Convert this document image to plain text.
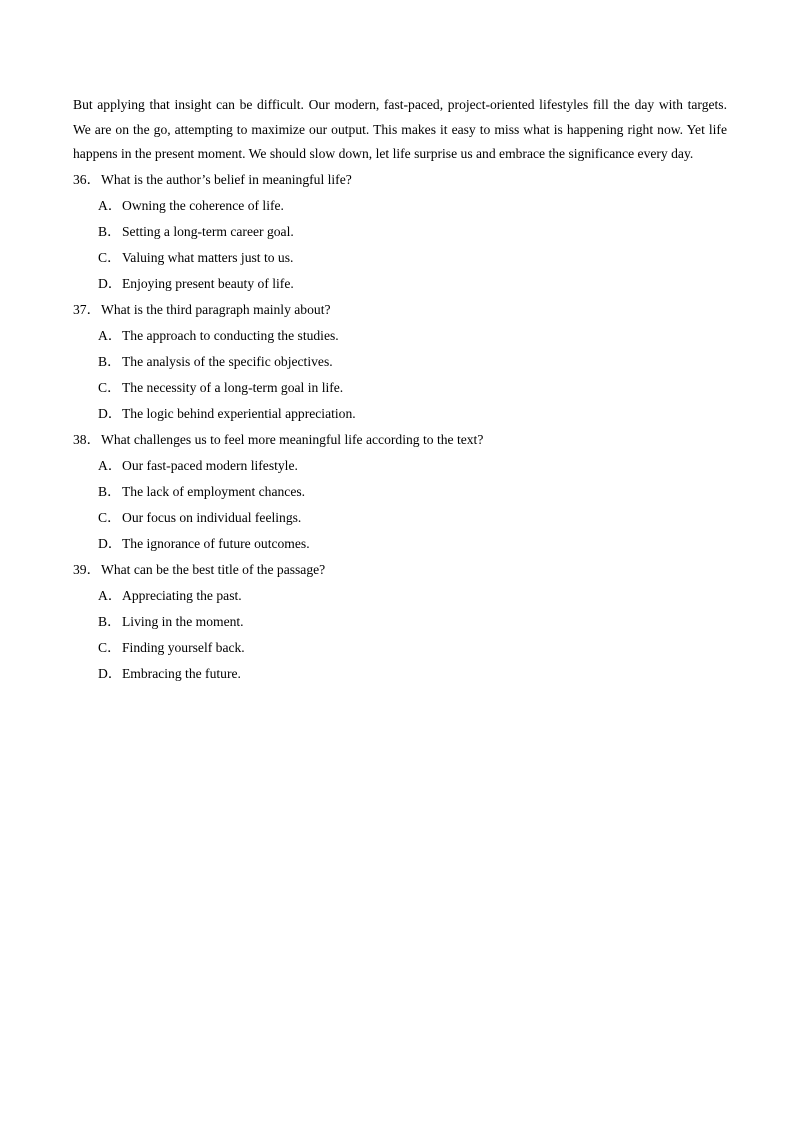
But applying that insight can be difficult. Our modern, fast-paced, project-oriented lifestyles fill the day with targets. We are on the go, attempting to maximize our output. This makes it easy to miss what is happening right now. Yet life happens in the present moment. We should slow down, let life surprise us and embrace the significance every day.

36．What is the author’s belief in meaningful life?

A．Owning the coherence of life.

B．Setting a long-term career goal.

C．Valuing what matters just to us.

D．Enjoying present beauty of life.

37．What is the third paragraph mainly about?

A．The approach to conducting the studies.

B．The analysis of the specific objectives.

C．The necessity of a long-term goal in life.

D．The logic behind experiential appreciation.

38．What challenges us to feel more meaningful life according to the text?

A．Our fast-paced modern lifestyle.

B．The lack of employment chances.

C．Our focus on individual feelings.

D．The ignorance of future outcomes.

39．What can be the best title of the passage?

A．Appreciating the past.

B．Living in the moment.

C．Finding yourself back.

D．Embracing the future.
